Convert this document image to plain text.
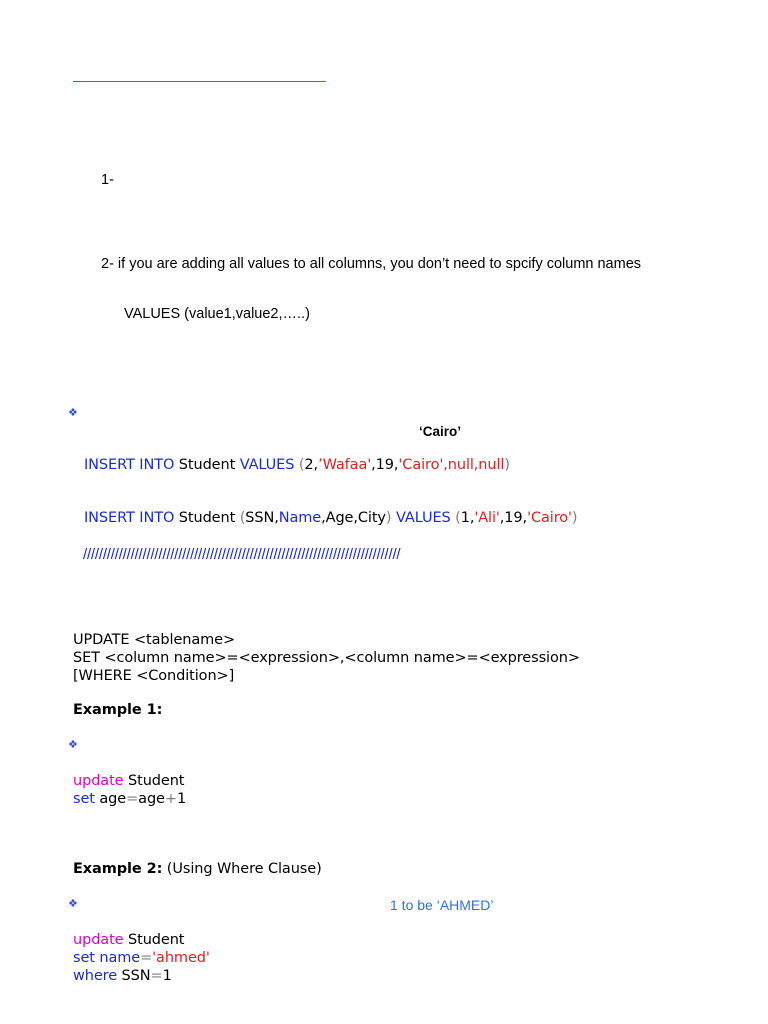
1-
2- if you are adding all values to all columns, you don’t need to spcify column names
VALUES (value1,value2,…..)
❖
‘Cairo’
INSERT INTO Student VALUES (2,’Wafaa',19,'Cairo',null,null)
INSERT INTO Student (SSN,Name,Age,City) VALUES (1,'Ali',19,'Cairo')
////////////////////////////////////////////////////////////////////////////////
UPDATE <tablename>
SET <column name>=<expression>,<column name>=<expression>
[WHERE <Condition>]
Example 1:
❖
update Student
set age=age+1
Example 2: (Using Where Clause)
❖	1 to be ‘AHMED’
update Student
set name='ahmed'
where SSN=1
